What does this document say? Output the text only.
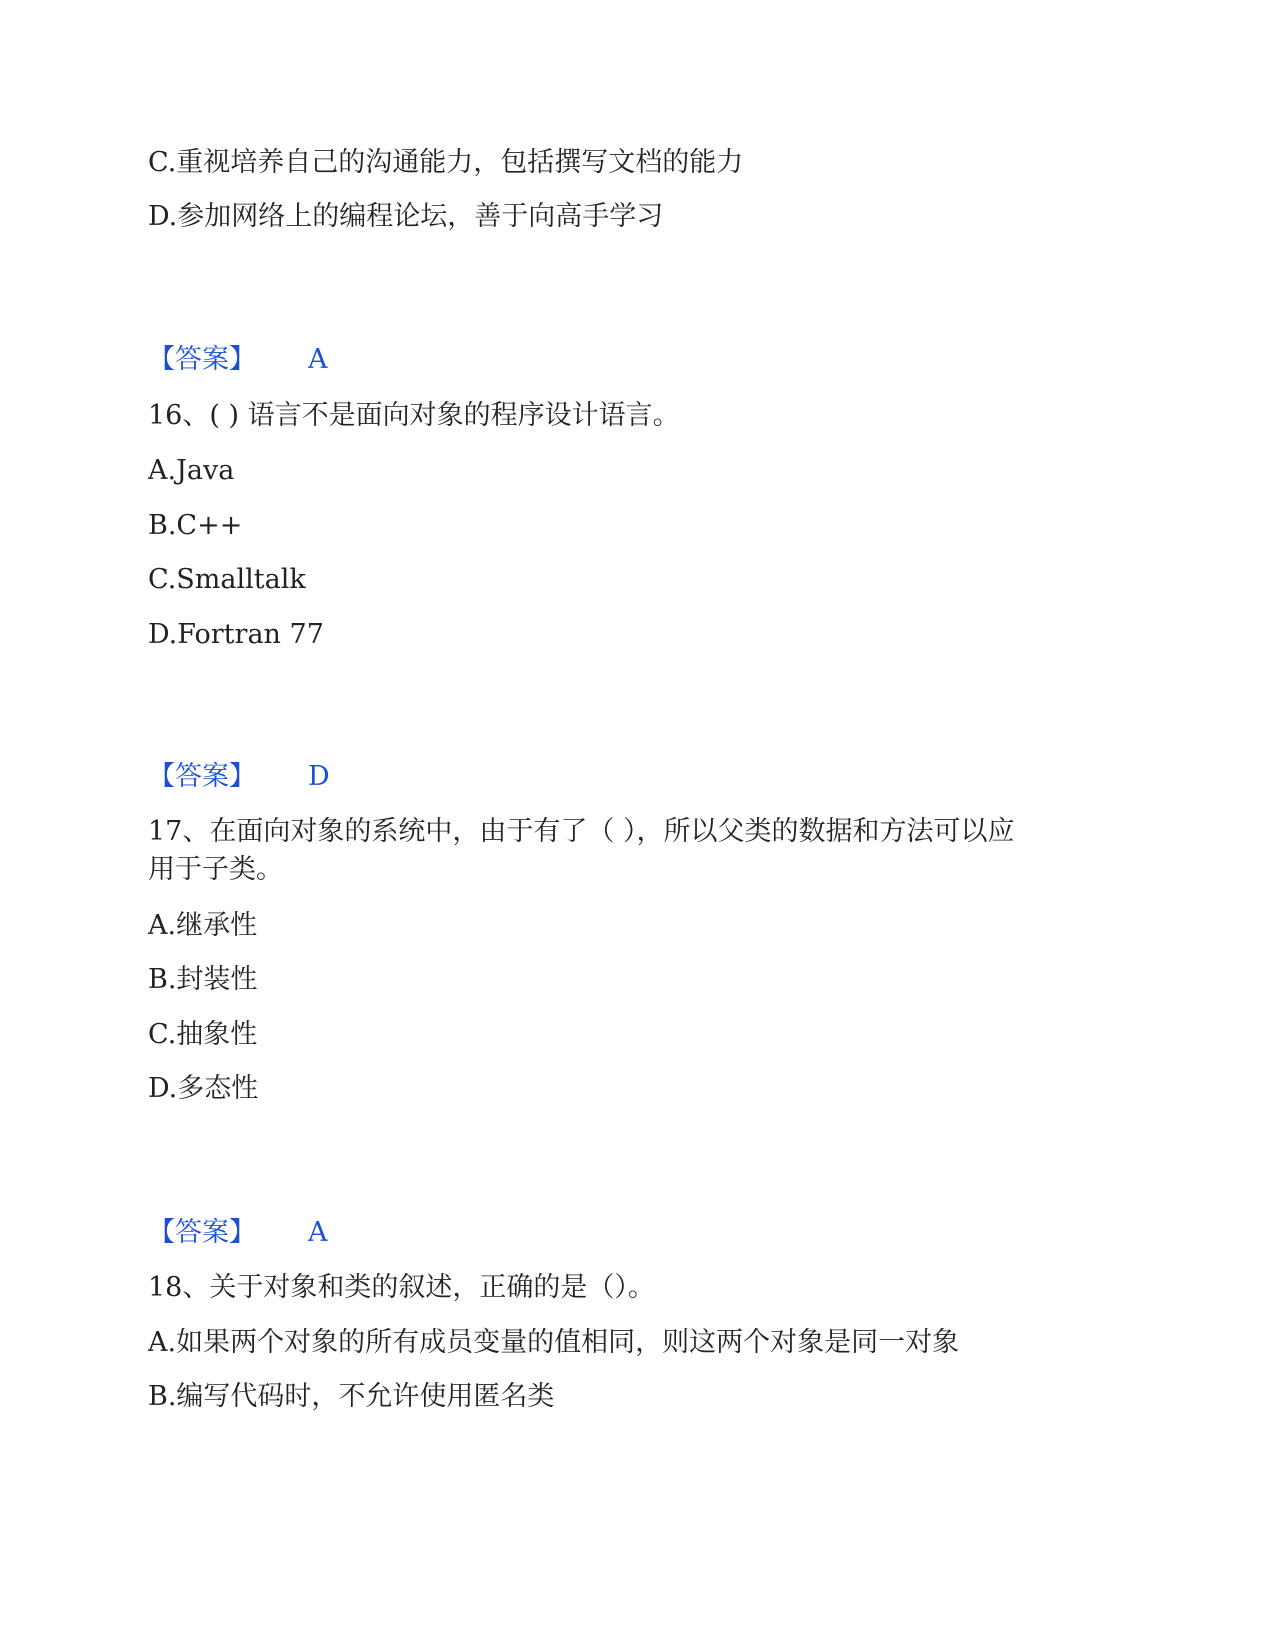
C.重视培养自己的沟通能力，包括撰写文档的能力
D.参加网络上的编程论坛，善于向高手学习
【答案】 A
16、( ) 语言不是面向对象的程序设计语言。
A.Java
B.C++
C.Smalltalk
D.Fortran 77
【答案】 D
17、在面向对象的系统中，由于有了（ ），所以父类的数据和方法可以应
用于子类。
A.继承性
B.封装性
C.抽象性
D.多态性
【答案】 A
18、关于对象和类的叙述，正确的是（）。
A.如果两个对象的所有成员变量的值相同，则这两个对象是同一对象
B.编写代码时，不允许使用匿名类
